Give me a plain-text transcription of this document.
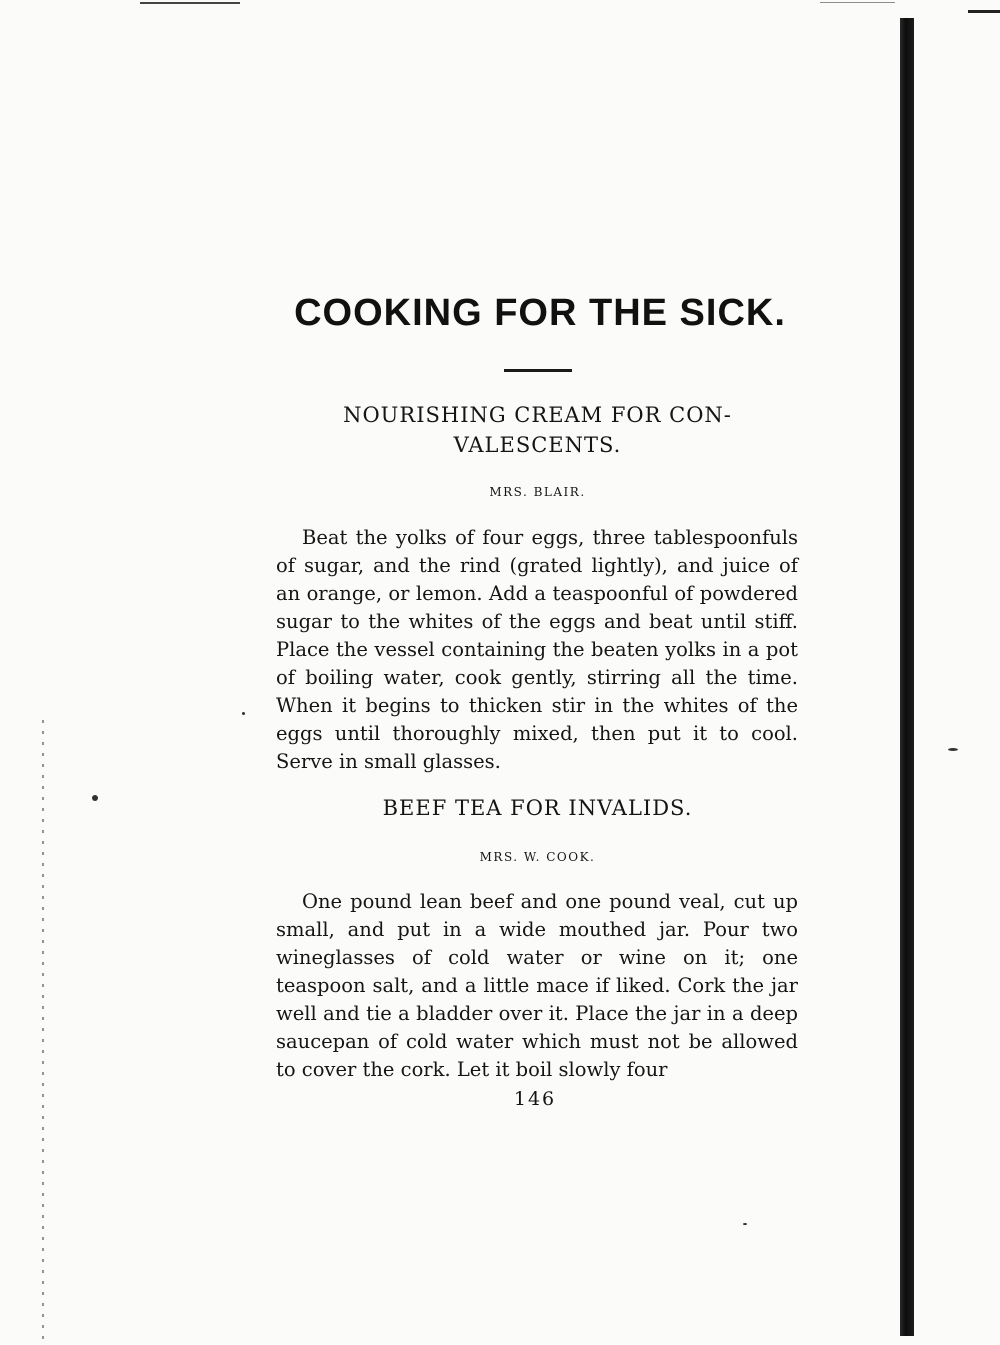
COOKING FOR THE SICK.
NOURISHING CREAM FOR CON-
VALESCENTS.

MRS. BLAIR.

Beat the yolks of four eggs, three tablespoonfuls of sugar, and the rind (grated lightly), and juice of an orange, or lemon. Add a teaspoonful of powdered sugar to the whites of the eggs and beat until stiff. Place the vessel containing the beaten yolks in a pot of boiling water, cook gently, stirring all the time. When it begins to thicken stir in the whites of the eggs until thoroughly mixed, then put it to cool. Serve in small glasses.

BEEF TEA FOR INVALIDS.

MRS. W. COOK.

One pound lean beef and one pound veal, cut up small, and put in a wide mouthed jar. Pour two wineglasses of cold water or wine on it; one teaspoon salt, and a little mace if liked. Cork the jar well and tie a bladder over it. Place the jar in a deep saucepan of cold water which must not be allowed to cover the cork. Let it boil slowly four

146
